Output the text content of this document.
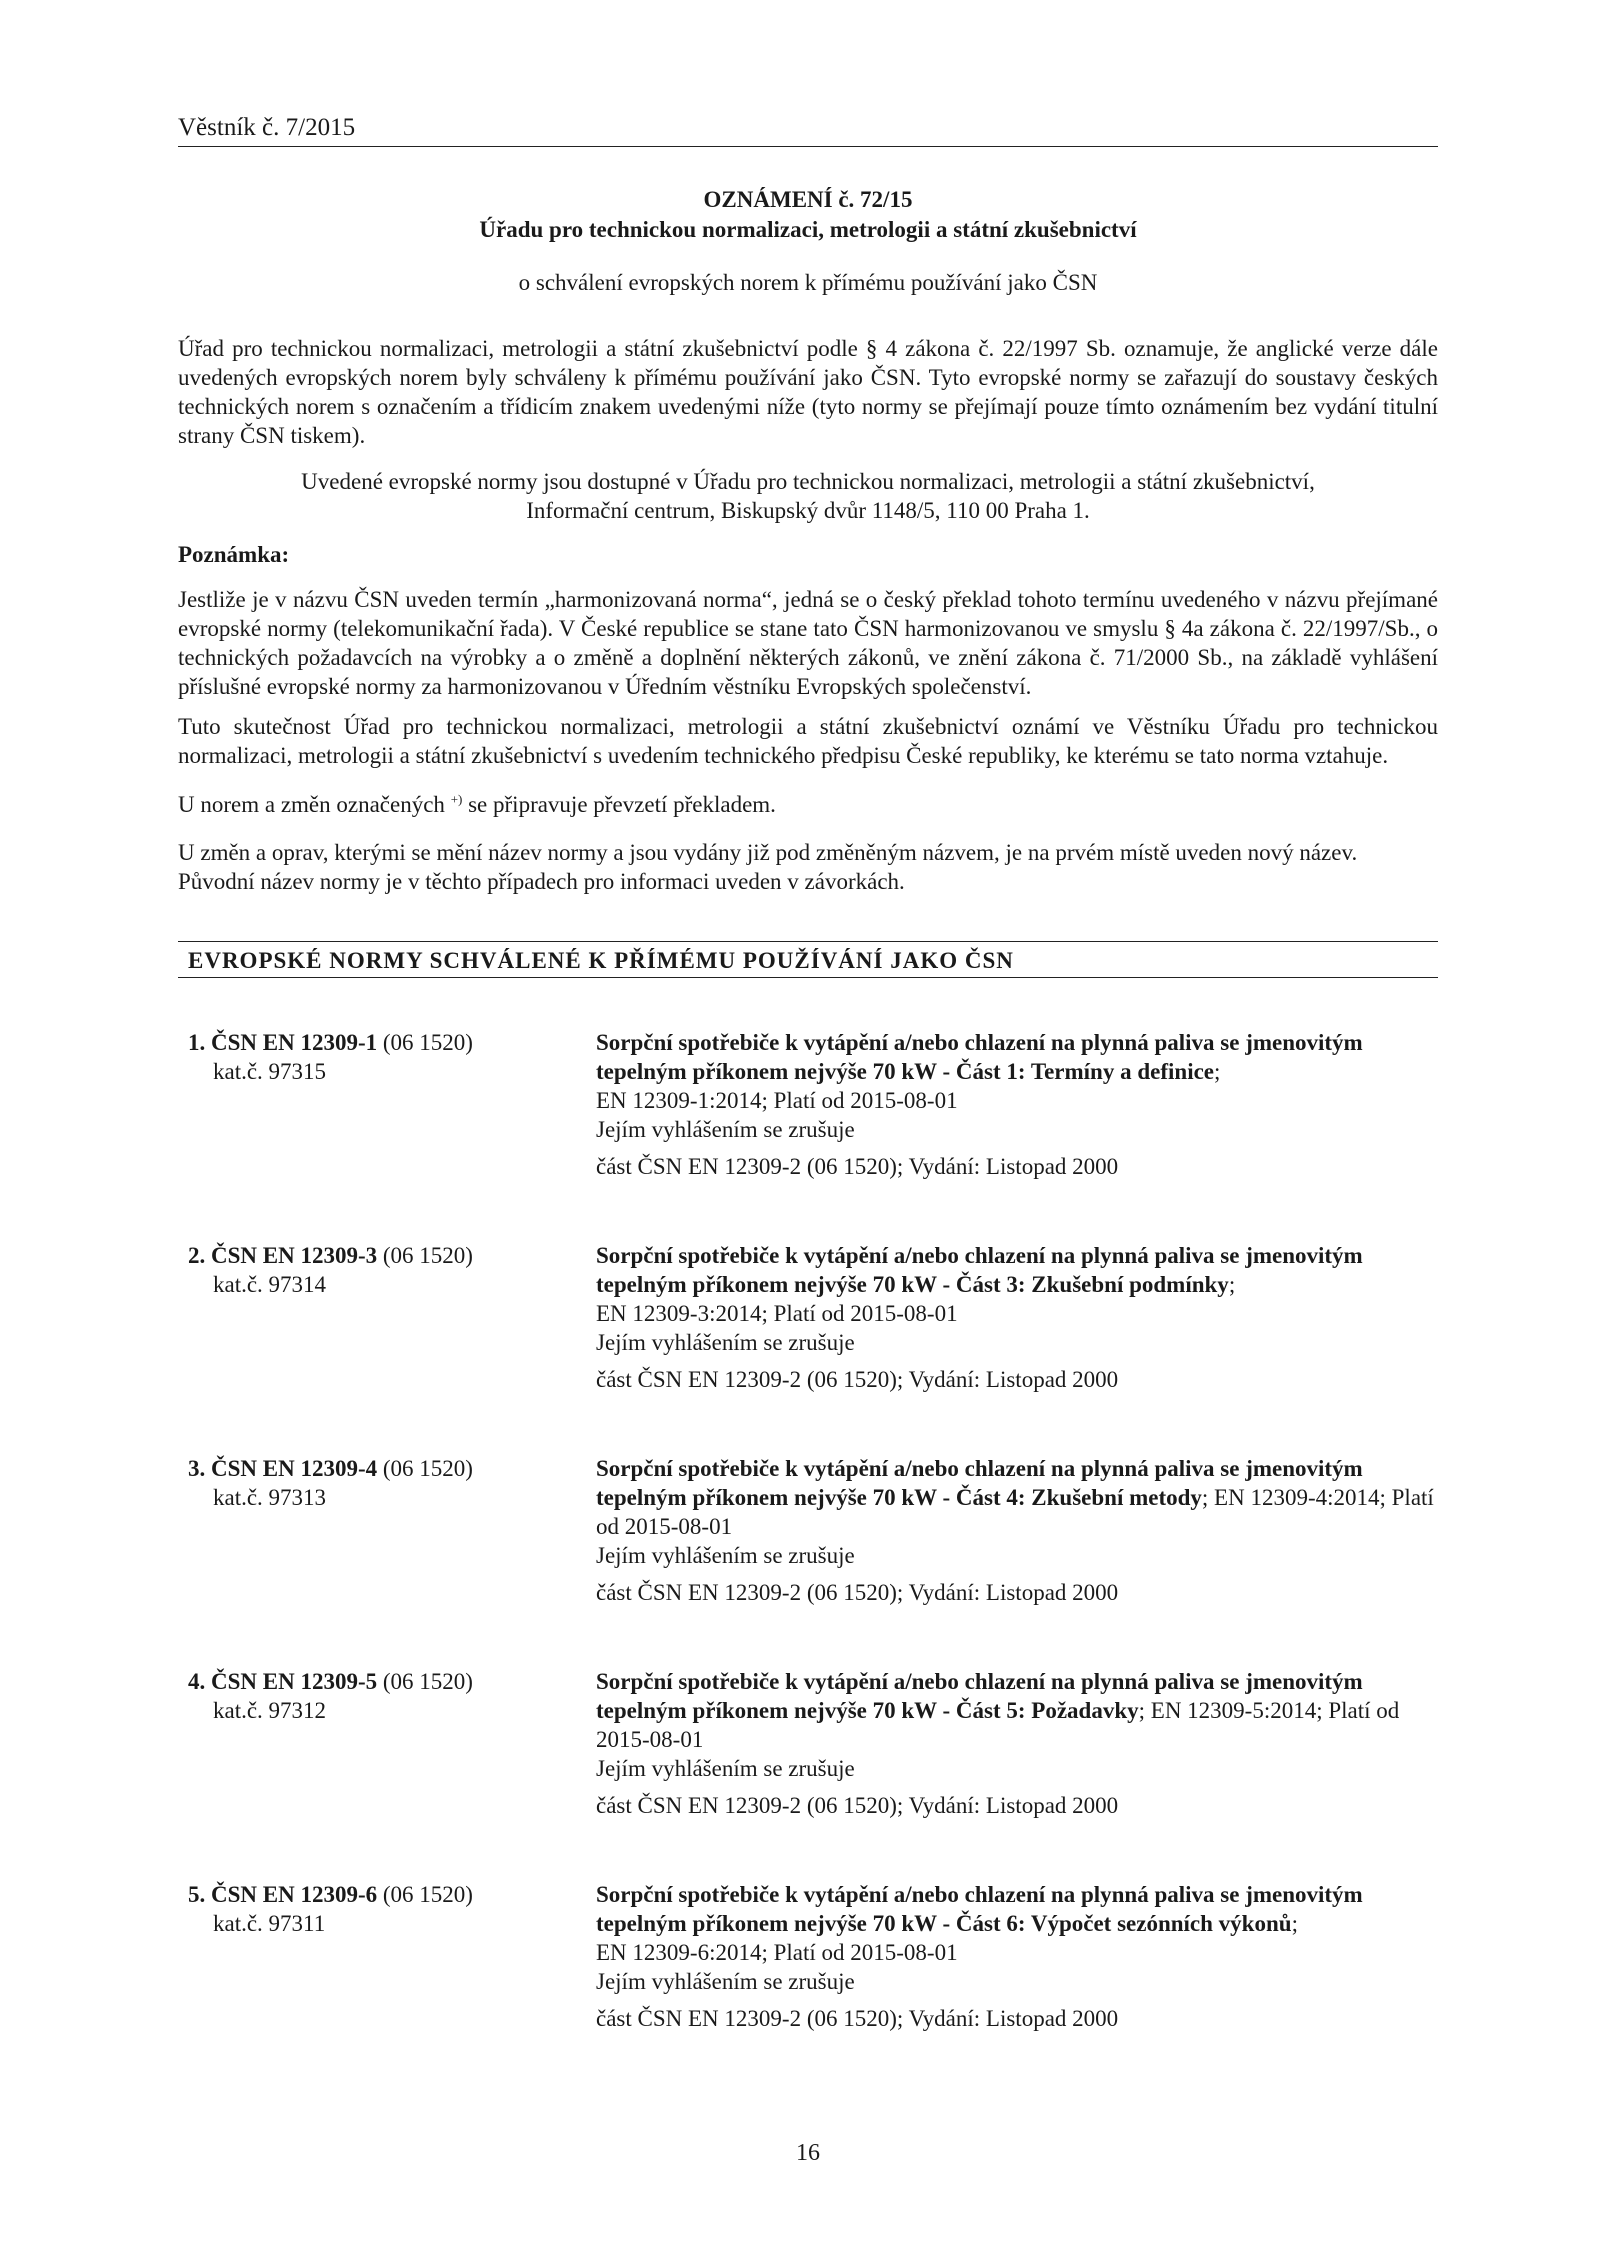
Věstník č. 7/2015
OZNÁMENÍ č. 72/15
Úřadu pro technickou normalizaci, metrologii a státní zkušebnictví
o schválení evropských norem k přímému používání jako ČSN
Úřad pro technickou normalizaci, metrologii a státní zkušebnictví podle § 4 zákona č. 22/1997 Sb. oznamuje, že anglické verze dále uvedených evropských norem byly schváleny k přímému používání jako ČSN. Tyto evropské normy se zařazují do soustavy českých technických norem s označením a třídicím znakem uvedenými níže (tyto normy se přejímají pouze tímto oznámením bez vydání titulní strany ČSN tiskem).
Uvedené evropské normy jsou dostupné v Úřadu pro technickou normalizaci, metrologii a státní zkušebnictví,
Informační centrum, Biskupský dvůr 1148/5, 110 00 Praha 1.
Poznámka:
Jestliže je v názvu ČSN uveden termín „harmonizovaná norma“, jedná se o český překlad tohoto termínu uvedeného v názvu přejímané evropské normy (telekomunikační řada). V České republice se stane tato ČSN harmonizovanou ve smyslu § 4a zákona č. 22/1997/Sb., o technických požadavcích na výrobky a o změně a doplnění některých zákonů, ve znění zákona č. 71/2000 Sb., na základě vyhlášení příslušné evropské normy za harmonizovanou v Úředním věstníku Evropských společenství.
Tuto skutečnost Úřad pro technickou normalizaci, metrologii a státní zkušebnictví oznámí ve Věstníku Úřadu pro technickou normalizaci, metrologii a státní zkušebnictví s uvedením technického předpisu České republiky, ke kterému se tato norma vztahuje.
U norem a změn označených +) se připravuje převzetí překladem.
U změn a oprav, kterými se mění název normy a jsou vydány již pod změněným názvem, je na prvém místě uveden nový název. Původní název normy je v těchto případech pro informaci uveden v závorkách.
EVROPSKÉ NORMY SCHVÁLENÉ K PŘÍMÉMU POUŽÍVÁNÍ JAKO ČSN
1. ČSN EN 12309-1 (06 1520)
kat.č. 97315
Sorpční spotřebiče k vytápění a/nebo chlazení na plynná paliva se jmenovitým tepelným příkonem nejvýše 70 kW - Část 1: Termíny a definice;
EN 12309-1:2014; Platí od 2015-08-01
Jejím vyhlášením se zrušuje
část ČSN EN 12309-2 (06 1520); Vydání: Listopad 2000
2. ČSN EN 12309-3 (06 1520)
kat.č. 97314
Sorpční spotřebiče k vytápění a/nebo chlazení na plynná paliva se jmenovitým tepelným příkonem nejvýše 70 kW - Část 3: Zkušební podmínky;
EN 12309-3:2014; Platí od 2015-08-01
Jejím vyhlášením se zrušuje
část ČSN EN 12309-2 (06 1520); Vydání: Listopad 2000
3. ČSN EN 12309-4 (06 1520)
kat.č. 97313
Sorpční spotřebiče k vytápění a/nebo chlazení na plynná paliva se jmenovitým tepelným příkonem nejvýše 70 kW - Část 4: Zkušební metody; EN 12309-4:2014; Platí od 2015-08-01
Jejím vyhlášením se zrušuje
část ČSN EN 12309-2 (06 1520); Vydání: Listopad 2000
4. ČSN EN 12309-5 (06 1520)
kat.č. 97312
Sorpční spotřebiče k vytápění a/nebo chlazení na plynná paliva se jmenovitým tepelným příkonem nejvýše 70 kW - Část 5: Požadavky; EN 12309-5:2014; Platí od 2015-08-01
Jejím vyhlášením se zrušuje
část ČSN EN 12309-2 (06 1520); Vydání: Listopad 2000
5. ČSN EN 12309-6 (06 1520)
kat.č. 97311
Sorpční spotřebiče k vytápění a/nebo chlazení na plynná paliva se jmenovitým tepelným příkonem nejvýše 70 kW - Část 6: Výpočet sezónních výkonů;
EN 12309-6:2014; Platí od 2015-08-01
Jejím vyhlášením se zrušuje
část ČSN EN 12309-2 (06 1520); Vydání: Listopad 2000
16
